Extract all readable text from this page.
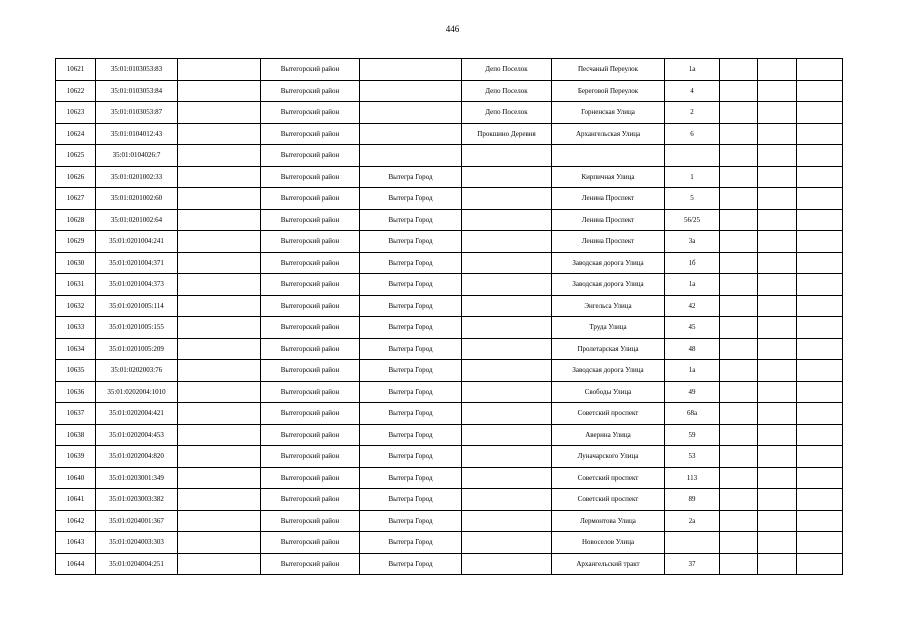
446
10621	35:01:0103053:83		Вытегорский район		Депо Поселок	Песчаный Переулок	1а			
10622	35:01:0103053:84		Вытегорский район		Депо Поселок	Береговой Переулок	4			
10623	35:01:0103053:87		Вытегорский район		Депо Поселок	Горненская Улица	2			
10624	35:01:0104012:43		Вытегорский район		Прокшино Деревня	Архангельская Улица	6			
10625	35:01:0104026:7		Вытегорский район							
10626	35:01:0201002:33		Вытегорский район	Вытегра Город		Кирпичная Улица	1			
10627	35:01:0201002:60		Вытегорский район	Вытегра Город		Ленина Проспект	5			
10628	35:01:0201002:64		Вытегорский район	Вытегра Город		Ленина Проспект	56/25			
10629	35:01:0201004:241		Вытегорский район	Вытегра Город		Ленина Проспект	3а			
10630	35:01:0201004:371		Вытегорский район	Вытегра Город		Заводская дорога Улица	1б			
10631	35:01:0201004:373		Вытегорский район	Вытегра Город		Заводская дорога Улица	1а			
10632	35:01:0201005:114		Вытегорский район	Вытегра Город		Энгельса Улица	42			
10633	35:01:0201005:155		Вытегорский район	Вытегра Город		Труда Улица	45			
10634	35:01:0201005:209		Вытегорский район	Вытегра Город		Пролетарская Улица	48			
10635	35:01:0202003:76		Вытегорский район	Вытегра Город		Заводская дорога Улица	1а			
10636	35:01:0202004:1010		Вытегорский район	Вытегра Город		Свободы Улица	49			
10637	35:01:0202004:421		Вытегорский район	Вытегра Город		Советский проспект	68а			
10638	35:01:0202004:453		Вытегорский район	Вытегра Город		Аверина Улица	59			
10639	35:01:0202004:820		Вытегорский район	Вытегра Город		Луначарского Улица	53			
10640	35:01:0203001:349		Вытегорский район	Вытегра Город		Советский проспект	113			
10641	35:01:0203003:382		Вытегорский район	Вытегра Город		Советский проспект	89			
10642	35:01:0204001:367		Вытегорский район	Вытегра Город		Лермонтова Улица	2а			
10643	35:01:0204003:303		Вытегорский район	Вытегра Город		Новоселов Улица				
10644	35:01:0204004:251		Вытегорский район	Вытегра Город		Архангельский тракт	37			
